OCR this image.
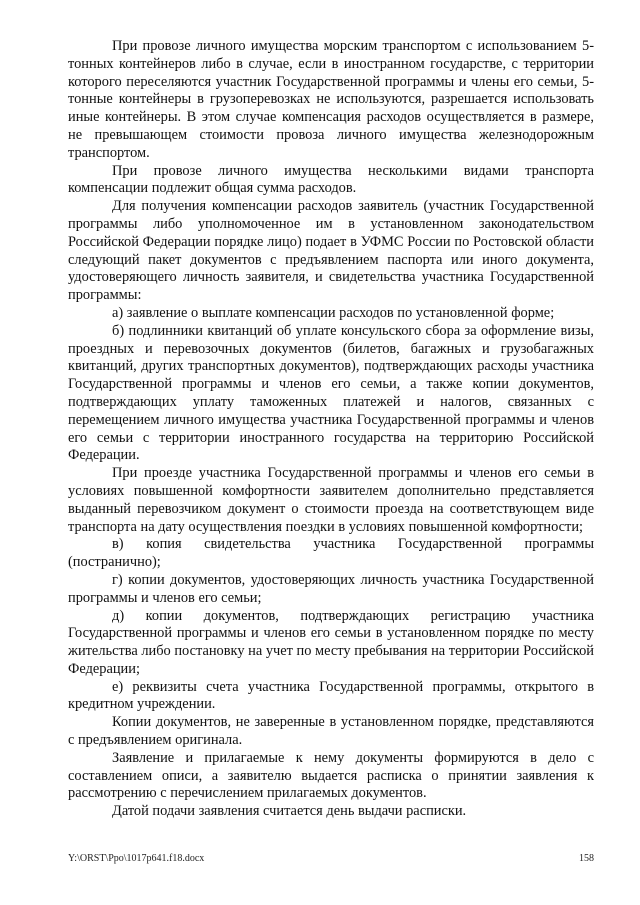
При провозе личного имущества морским транспортом с использованием 5-тонных контейнеров либо в случае, если в иностранном государстве, с территории которого переселяются участник Государственной программы и члены его семьи, 5-тонные контейнеры в грузоперевозках не используются, разрешается использовать иные контейнеры. В этом случае компенсация расходов осуществляется в размере, не превышающем стоимости провоза личного имущества железнодорожным транспортом.

При провозе личного имущества несколькими видами транспорта компенсации подлежит общая сумма расходов.

Для получения компенсации расходов заявитель (участник Государственной программы либо уполномоченное им в установленном законодательством Российской Федерации порядке лицо) подает в УФМС России по Ростовской области следующий пакет документов с предъявлением паспорта или иного документа, удостоверяющего личность заявителя, и свидетельства участника Государственной программы:

а) заявление о выплате компенсации расходов по установленной форме;

б) подлинники квитанций об уплате консульского сбора за оформление визы, проездных и перевозочных документов (билетов, багажных и грузобагажных квитанций, других транспортных документов), подтверждающих расходы участника Государственной программы и членов его семьи, а также копии документов, подтверждающих уплату таможенных платежей и налогов, связанных с перемещением личного имущества участника Государственной программы и членов его семьи с территории иностранного государства на территорию Российской Федерации.

При проезде участника Государственной программы и членов его семьи в условиях повышенной комфортности заявителем дополнительно представляется выданный перевозчиком документ о стоимости проезда на соответствующем виде транспорта на дату осуществления поездки в условиях повышенной комфортности;

в) копия свидетельства участника Государственной программы (постранично);

г) копии документов, удостоверяющих личность участника Государственной программы и членов его семьи;

д) копии документов, подтверждающих регистрацию участника Государственной программы и членов его семьи в установленном порядке по месту жительства либо постановку на учет по месту пребывания на территории Российской Федерации;

е) реквизиты счета участника Государственной программы, открытого в кредитном учреждении.

Копии документов, не заверенные в установленном порядке, представляются с предъявлением оригинала.

Заявление и прилагаемые к нему документы формируются в дело с составлением описи, а заявителю выдается расписка о принятии заявления к рассмотрению с перечислением прилагаемых документов.

Датой подачи заявления считается день выдачи расписки.

Y:\ORST\Ppo\1017p641.f18.docx	158
